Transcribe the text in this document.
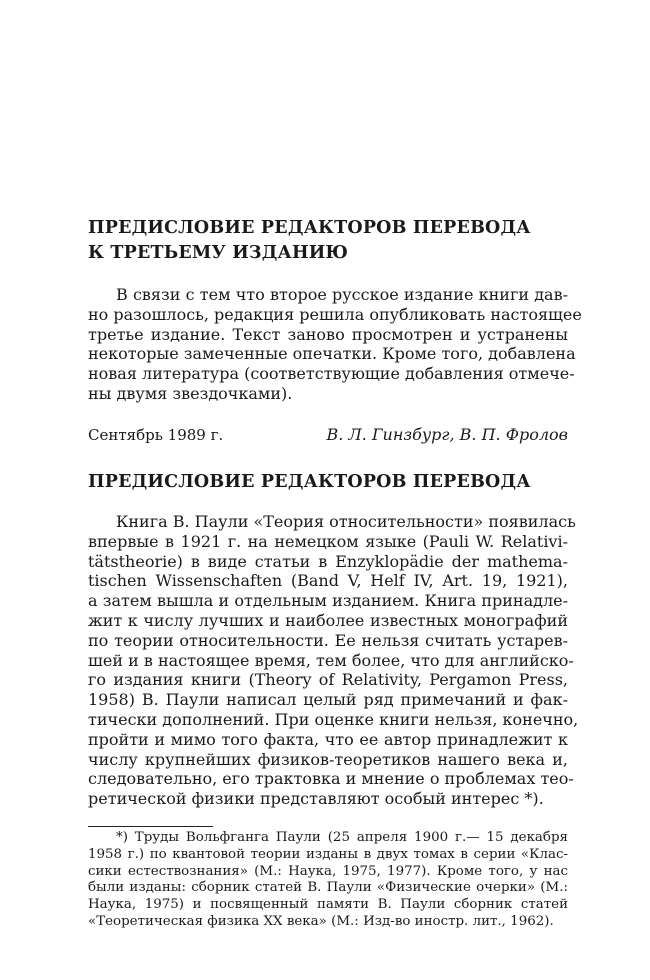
ПРЕДИСЛОВИЕ РЕДАКТОРОВ ПЕРЕВОДА

К ТРЕТЬЕМУ ИЗДАНИЮ

В связи с тем что второе русское издание книги дав-
но разошлось, редакция решила опубликовать настоящее
третье издание. Текст заново просмотрен и устранены
некоторые замеченные опечатки. Кроме того, добавлена
новая литература (соответствующие добавления отмече-
ны двумя звездочками).
Сентябрь 1989 г.	В. Л. Гинзбург, В. П. Фролов

ПРЕДИСЛОВИЕ РЕДАКТОРОВ ПЕРЕВОДА

Книга В. Паули «Теория относительности» появилась
впервые в 1921 г. на немецком языке (Pauli W. Relativi-
tätstheorie) в виде статьи в Enzyklopädie der mathema-
tischen Wissenschaften (Band V, Helf IV, Art. 19, 1921),
а затем вышла и отдельным изданием. Книга принадле-
жит к числу лучших и наиболее известных монографий
по теории относительности. Ее нельзя считать устарев-
шей и в настоящее время, тем более, что для английско-
го издания книги (Theory of Relativity, Pergamon Press,
1958) В. Паули написал целый ряд примечаний и фак-
тически дополнений. При оценке книги нельзя, конечно,
пройти и мимо того факта, что ее автор принадлежит к
числу крупнейших физиков-теоретиков нашего века и,
следовательно, его трактовка и мнение о проблемах тео-
ретической физики представляют особый интерес *).
*) Труды Вольфганга Паули (25 апреля 1900 г.— 15 декабря
1958 г.) по квантовой теории изданы в двух томах в серии «Клас-
сики естествознания» (М.: Наука, 1975, 1977). Кроме того, у нас
были изданы: сборник статей В. Паули «Физические очерки» (М.:
Наука, 1975) и посвященный памяти В. Паули сборник статей
«Теоретическая физика XX века» (М.: Изд-во иностр. лит., 1962).
